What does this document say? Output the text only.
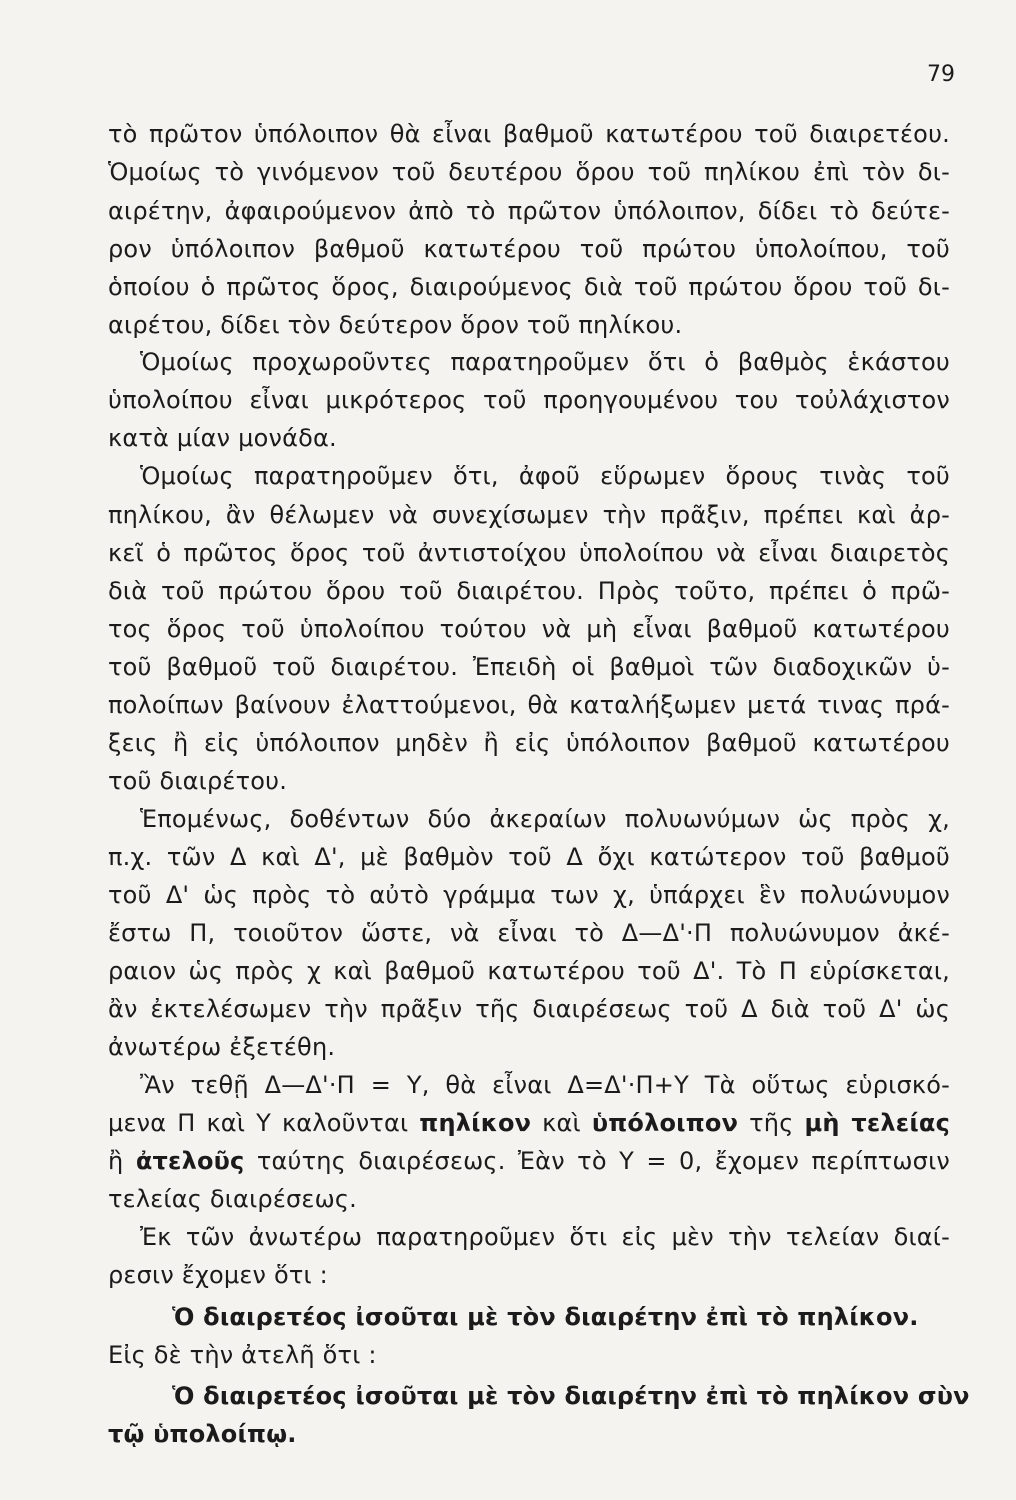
79
τὸ πρῶτον ὑπόλοιπον θὰ εἶναι βαθμοῦ κατωτέρου τοῦ διαιρετέου.
Ὁμοίως τὸ γινόμενον τοῦ δευτέρου ὅρου τοῦ πηλίκου ἐπὶ τὸν δι-
αιρέτην, ἀφαιρούμενον ἀπὸ τὸ πρῶτον ὑπόλοιπον, δίδει τὸ δεύτε-
ρον ὑπόλοιπον βαθμοῦ κατωτέρου τοῦ πρώτου ὑπολοίπου, τοῦ
ὁποίου ὁ πρῶτος ὅρος, διαιρούμενος διὰ τοῦ πρώτου ὅρου τοῦ δι-
αιρέτου, δίδει τὸν δεύτερον ὅρον τοῦ πηλίκου.
Ὁμοίως προχωροῦντες παρατηροῦμεν ὅτι ὁ βαθμὸς ἑκάστου
ὑπολοίπου εἶναι μικρότερος τοῦ προηγουμένου του τοὐλάχιστον
κατὰ μίαν μονάδα.
Ὁμοίως παρατηροῦμεν ὅτι, ἀφοῦ εὕρωμεν ὅρους τινὰς τοῦ
πηλίκου, ἂν θέλωμεν νὰ συνεχίσωμεν τὴν πρᾶξιν, πρέπει καὶ ἀρ-
κεῖ ὁ πρῶτος ὅρος τοῦ ἀντιστοίχου ὑπολοίπου νὰ εἶναι διαιρετὸς
διὰ τοῦ πρώτου ὅρου τοῦ διαιρέτου. Πρὸς τοῦτο, πρέπει ὁ πρῶ-
τος ὅρος τοῦ ὑπολοίπου τούτου νὰ μὴ εἶναι βαθμοῦ κατωτέρου
τοῦ βαθμοῦ τοῦ διαιρέτου. Ἐπειδὴ οἱ βαθμοὶ τῶν διαδοχικῶν ὑ-
πολοίπων βαίνουν ἐλαττούμενοι, θὰ καταλήξωμεν μετά τινας πρά-
ξεις ἢ εἰς ὑπόλοιπον μηδὲν ἢ εἰς ὑπόλοιπον βαθμοῦ κατωτέρου
τοῦ διαιρέτου.
Ἑπομένως, δοθέντων δύο ἀκεραίων πολυωνύμων ὡς πρὸς χ,
π.χ. τῶν Δ καὶ Δ', μὲ βαθμὸν τοῦ Δ ὄχι κατώτερον τοῦ βαθμοῦ
τοῦ Δ' ὡς πρὸς τὸ αὐτὸ γράμμα των χ, ὑπάρχει ἓν πολυώνυμον
ἔστω Π, τοιοῦτον ὥστε, νὰ εἶναι τὸ Δ—Δ'·Π πολυώνυμον ἀκέ-
ραιον ὡς πρὸς χ καὶ βαθμοῦ κατωτέρου τοῦ Δ'. Τὸ Π εὑρίσκεται,
ἂν ἐκτελέσωμεν τὴν πρᾶξιν τῆς διαιρέσεως τοῦ Δ διὰ τοῦ Δ' ὡς
ἀνωτέρω ἐξετέθη.
Ἂν τεθῇ Δ—Δ'·Π = Υ, θὰ εἶναι Δ=Δ'·Π+Υ Τὰ οὕτως εὑρισκό-
μενα Π καὶ Υ καλοῦνται πηλίκον καὶ ὑπόλοιπον τῆς μὴ τελείας
ἢ ἀτελοῦς ταύτης διαιρέσεως. Ἐὰν τὸ Υ = 0, ἔχομεν περίπτωσιν
τελείας διαιρέσεως.
Ἐκ τῶν ἀνωτέρω παρατηροῦμεν ὅτι εἰς μὲν τὴν τελείαν διαί-
ρεσιν ἔχομεν ὅτι :
Ὁ διαιρετέος ἰσοῦται μὲ τὸν διαιρέτην ἐπὶ τὸ πηλίκον.
Εἰς δὲ τὴν ἀτελῆ ὅτι :
Ὁ διαιρετέος ἰσοῦται μὲ τὸν διαιρέτην ἐπὶ τὸ πηλίκον σὺν
τῷ ὑπολοίπῳ.
